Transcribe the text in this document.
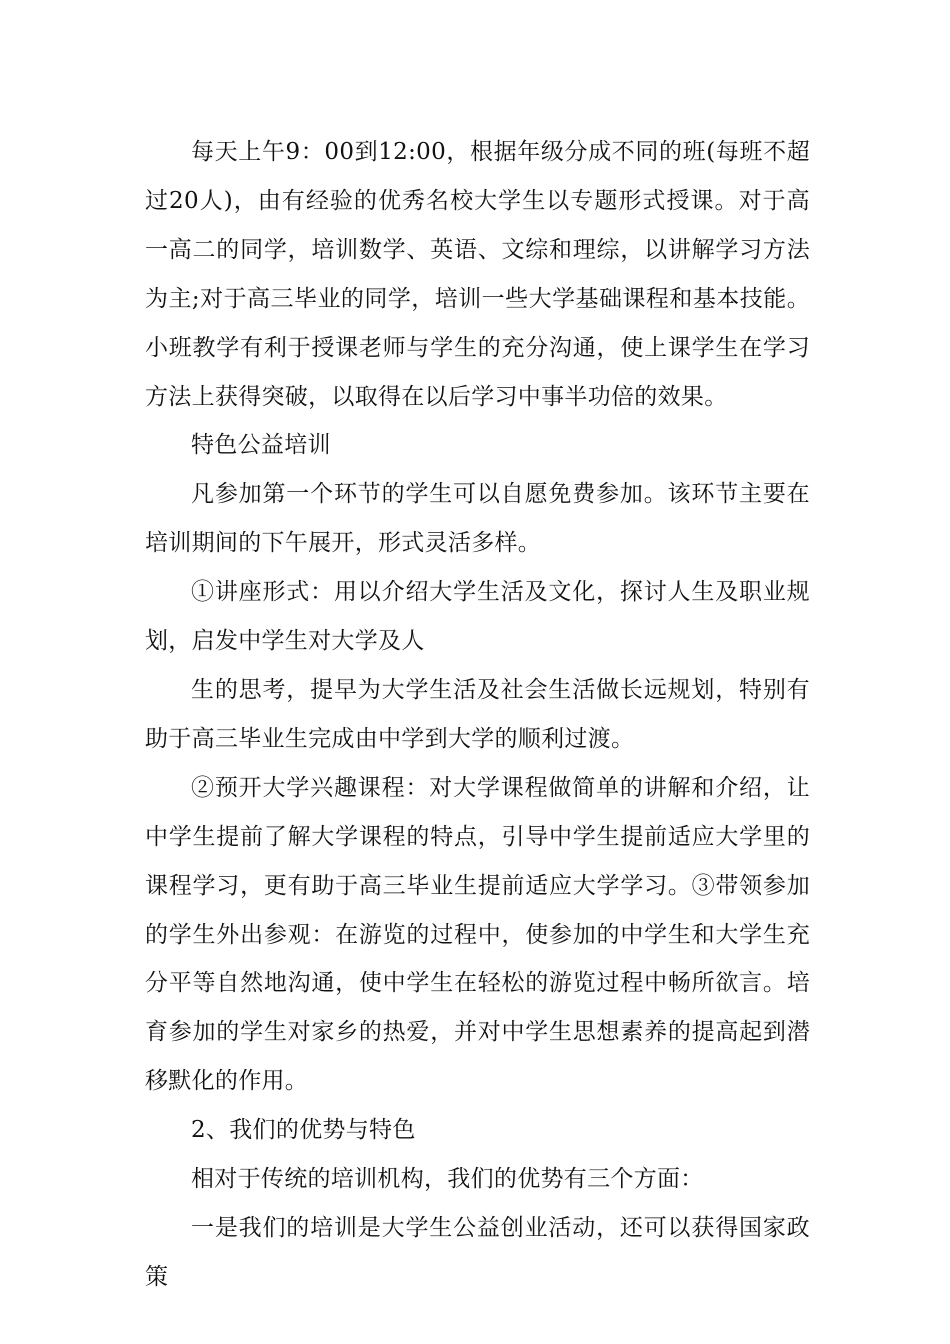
每天上午9：00到12:00，根据年级分成不同的班(每班不超过20人)，由有经验的优秀名校大学生以专题形式授课。对于高一高二的同学，培训数学、英语、文综和理综，以讲解学习方法为主;对于高三毕业的同学，培训一些大学基础课程和基本技能。小班教学有利于授课老师与学生的充分沟通，使上课学生在学习方法上获得突破，以取得在以后学习中事半功倍的效果。

特色公益培训

凡参加第一个环节的学生可以自愿免费参加。该环节主要在培训期间的下午展开，形式灵活多样。

①讲座形式：用以介绍大学生活及文化，探讨人生及职业规划，启发中学生对大学及人

生的思考，提早为大学生活及社会生活做长远规划，特别有助于高三毕业生完成由中学到大学的顺利过渡。

②预开大学兴趣课程：对大学课程做简单的讲解和介绍，让中学生提前了解大学课程的特点，引导中学生提前适应大学里的课程学习，更有助于高三毕业生提前适应大学学习。③带领参加的学生外出参观：在游览的过程中，使参加的中学生和大学生充分平等自然地沟通，使中学生在轻松的游览过程中畅所欲言。培育参加的学生对家乡的热爱，并对中学生思想素养的提高起到潜移默化的作用。

2、我们的优势与特色

相对于传统的培训机构，我们的优势有三个方面：

一是我们的培训是大学生公益创业活动，还可以获得国家政策
